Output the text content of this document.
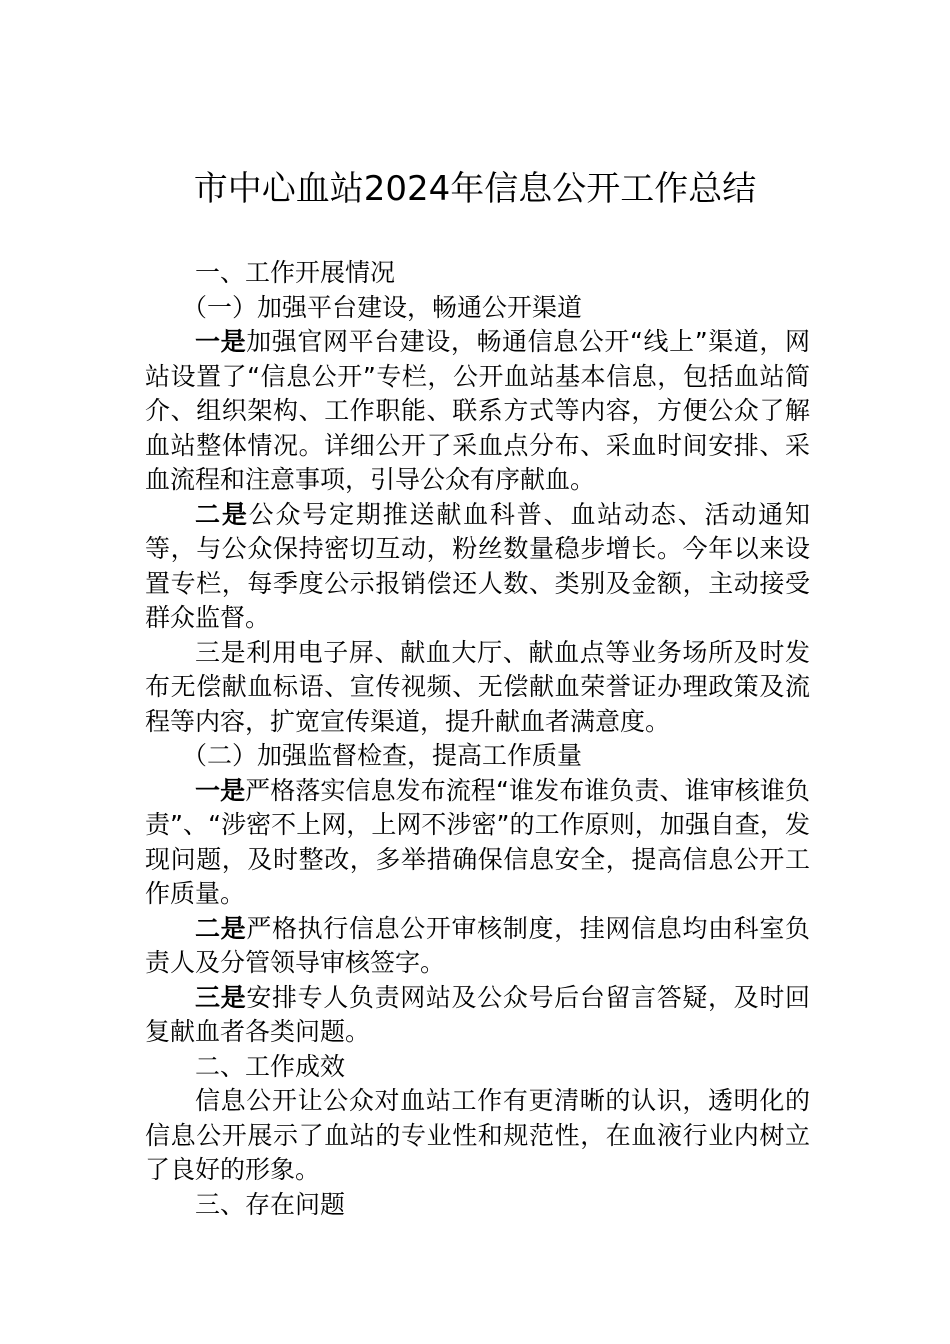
市中心血站2024年信息公开工作总结

一、工作开展情况

（一）加强平台建设，畅通公开渠道

一是加强官网平台建设，畅通信息公开“线上”渠道，网站设置了“信息公开”专栏，公开血站基本信息，包括血站简介、组织架构、工作职能、联系方式等内容，方便公众了解血站整体情况。详细公开了采血点分布、采血时间安排、采血流程和注意事项，引导公众有序献血。

二是公众号定期推送献血科普、血站动态、活动通知等，与公众保持密切互动，粉丝数量稳步增长。今年以来设置专栏，每季度公示报销偿还人数、类别及金额，主动接受群众监督。

三是利用电子屏、献血大厅、献血点等业务场所及时发布无偿献血标语、宣传视频、无偿献血荣誉证办理政策及流程等内容，扩宽宣传渠道，提升献血者满意度。

（二）加强监督检查，提高工作质量

一是严格落实信息发布流程“谁发布谁负责、谁审核谁负责”、“涉密不上网，上网不涉密”的工作原则，加强自查，发现问题，及时整改，多举措确保信息安全，提高信息公开工作质量。

二是严格执行信息公开审核制度，挂网信息均由科室负责人及分管领导审核签字。

三是安排专人负责网站及公众号后台留言答疑，及时回复献血者各类问题。

二、工作成效

信息公开让公众对血站工作有更清晰的认识，透明化的信息公开展示了血站的专业性和规范性，在血液行业内树立了良好的形象。

三、存在问题
